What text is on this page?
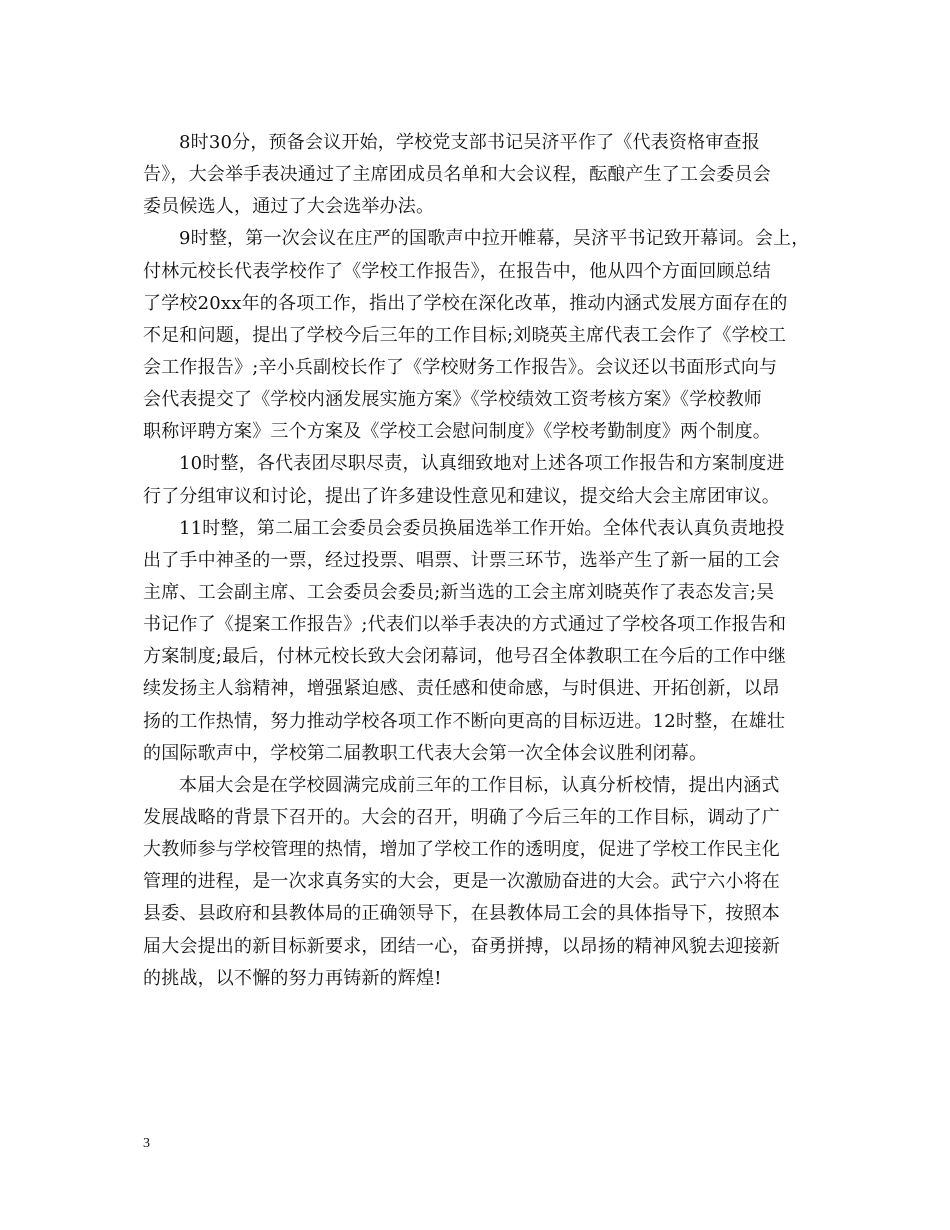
8时30分，预备会议开始，学校党支部书记吴济平作了《代表资格审查报
告》，大会举手表决通过了主席团成员名单和大会议程，酝酿产生了工会委员会
委员候选人，通过了大会选举办法。
9时整，第一次会议在庄严的国歌声中拉开帷幕，吴济平书记致开幕词。会上，
付林元校长代表学校作了《学校工作报告》，在报告中，他从四个方面回顾总结
了学校20xx年的各项工作，指出了学校在深化改革，推动内涵式发展方面存在的
不足和问题，提出了学校今后三年的工作目标;刘晓英主席代表工会作了《学校工
会工作报告》;辛小兵副校长作了《学校财务工作报告》。会议还以书面形式向与
会代表提交了《学校内涵发展实施方案》《学校绩效工资考核方案》《学校教师
职称评聘方案》三个方案及《学校工会慰问制度》《学校考勤制度》两个制度。
10时整，各代表团尽职尽责，认真细致地对上述各项工作报告和方案制度进
行了分组审议和讨论，提出了许多建设性意见和建议，提交给大会主席团审议。
11时整，第二届工会委员会委员换届选举工作开始。全体代表认真负责地投
出了手中神圣的一票，经过投票、唱票、计票三环节，选举产生了新一届的工会
主席、工会副主席、工会委员会委员;新当选的工会主席刘晓英作了表态发言;吴
书记作了《提案工作报告》;代表们以举手表决的方式通过了学校各项工作报告和
方案制度;最后，付林元校长致大会闭幕词，他号召全体教职工在今后的工作中继
续发扬主人翁精神，增强紧迫感、责任感和使命感，与时俱进、开拓创新，以昂
扬的工作热情，努力推动学校各项工作不断向更高的目标迈进。12时整，在雄壮
的国际歌声中，学校第二届教职工代表大会第一次全体会议胜利闭幕。
本届大会是在学校圆满完成前三年的工作目标，认真分析校情，提出内涵式
发展战略的背景下召开的。大会的召开，明确了今后三年的工作目标，调动了广
大教师参与学校管理的热情，增加了学校工作的透明度，促进了学校工作民主化
管理的进程，是一次求真务实的大会，更是一次激励奋进的大会。武宁六小将在
县委、县政府和县教体局的正确领导下，在县教体局工会的具体指导下，按照本
届大会提出的新目标新要求，团结一心，奋勇拼搏，以昂扬的精神风貌去迎接新
的挑战，以不懈的努力再铸新的辉煌!
3
